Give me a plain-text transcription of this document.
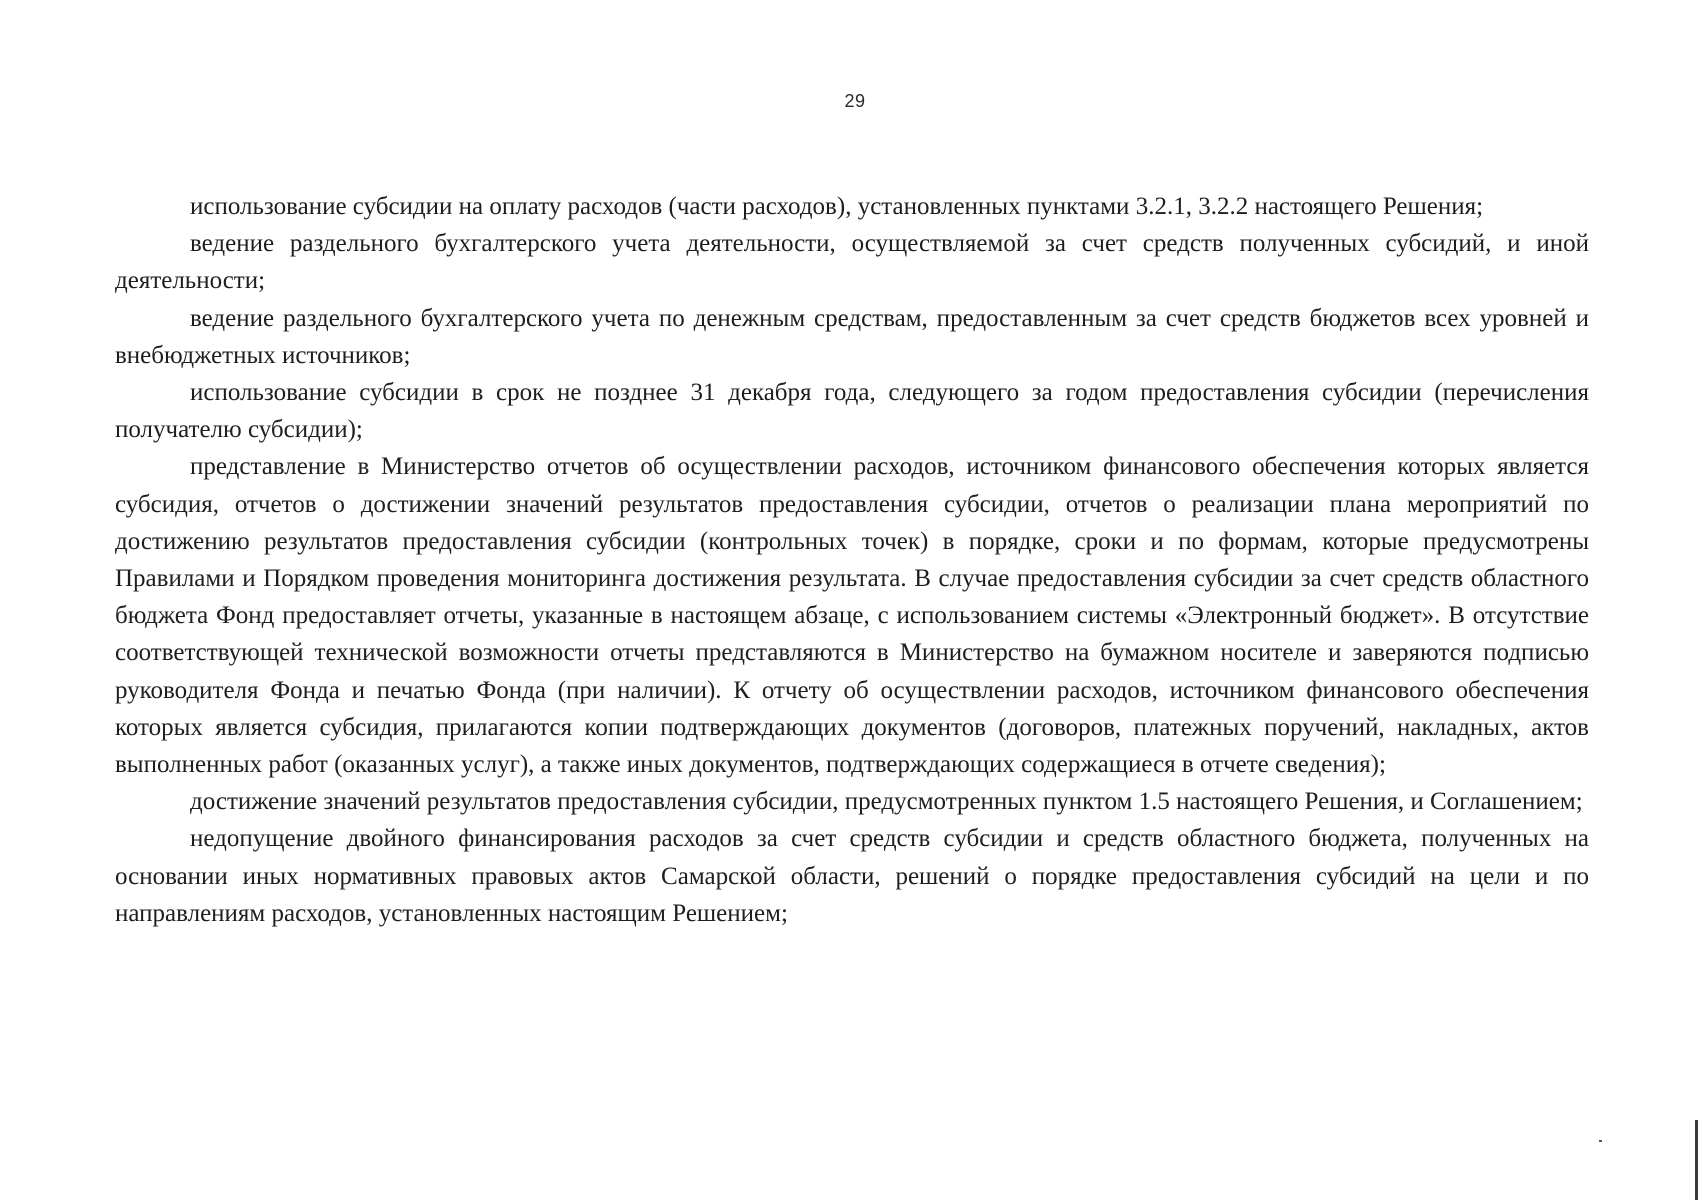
29

использование субсидии на оплату расходов (части расходов), установленных пунктами 3.2.1, 3.2.2 настоящего Решения;

ведение раздельного бухгалтерского учета деятельности, осуществляемой за счет средств полученных субсидий, и иной деятельности;

ведение раздельного бухгалтерского учета по денежным средствам, предоставленным за счет средств бюджетов всех уровней и внебюджетных источников;

использование субсидии в срок не позднее 31 декабря года, следующего за годом предоставления субсидии (перечисления получателю субсидии);

представление в Министерство отчетов об осуществлении расходов, источником финансового обеспечения которых является субсидия, отчетов о достижении значений результатов предоставления субсидии, отчетов о реализации плана мероприятий по достижению результатов предоставления субсидии (контрольных точек) в порядке, сроки и по формам, которые предусмотрены Правилами и Порядком проведения мониторинга достижения результата. В случае предоставления субсидии за счет средств областного бюджета Фонд предоставляет отчеты, указанные в настоящем абзаце, с использованием системы «Электронный бюджет». В отсутствие соответствующей технической возможности отчеты представляются в Министерство на бумажном носителе и заверяются подписью руководителя Фонда и печатью Фонда (при наличии). К отчету об осуществлении расходов, источником финансового обеспечения которых является субсидия, прилагаются копии подтверждающих документов (договоров, платежных поручений, накладных, актов выполненных работ (оказанных услуг), а также иных документов, подтверждающих содержащиеся в отчете сведения);

достижение значений результатов предоставления субсидии, предусмотренных пунктом 1.5 настоящего Решения, и Соглашением;

недопущение двойного финансирования расходов за счет средств субсидии и средств областного бюджета, полученных на основании иных нормативных правовых актов Самарской области, решений о порядке предоставления субсидий на цели и по направлениям расходов, установленных настоящим Решением;
